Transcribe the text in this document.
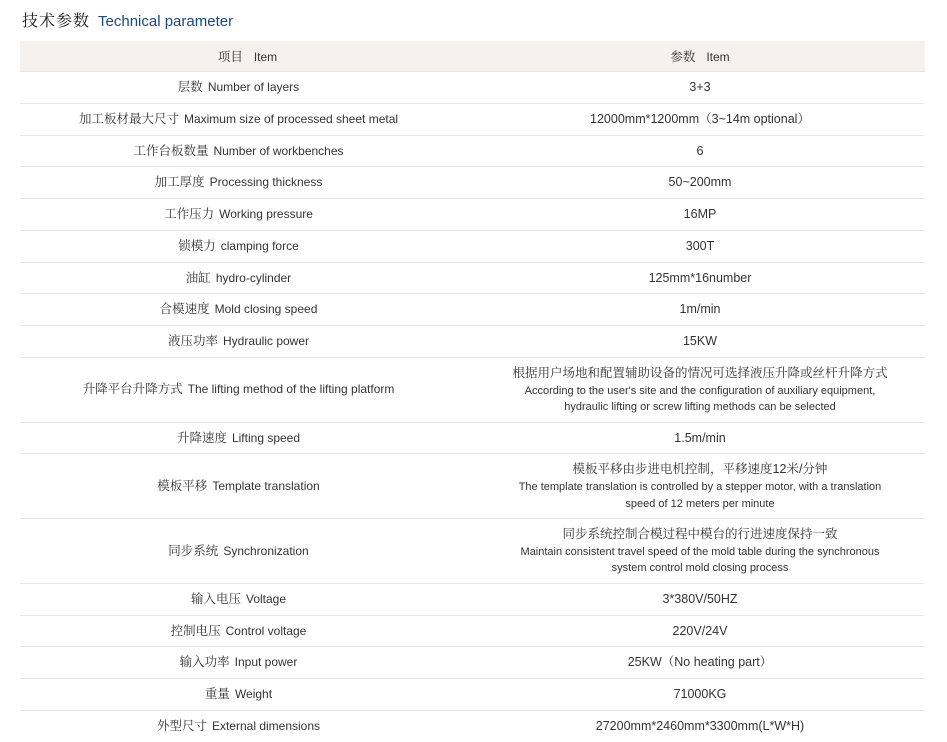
技术参数 Technical parameter
项目 Item	参数 Item
层数 Number of layers	3+3

加工板材最大尺寸 Maximum size of processed sheet metal	12000mm*1200mm（3~14m optional）

工作台板数量 Number of workbenches	6

加工厚度 Processing thickness	50~200mm

工作压力 Working pressure	16MP

锁模力 clamping force	300T

油缸 hydro-cylinder	125mm*16number

合模速度 Mold closing speed	1m/min

液压功率 Hydraulic power	15KW

升降平台升降方式 The lifting method of the lifting platform	根据用户场地和配置辅助设备的情况可选择液压升降或丝杆升降方式
According to the user's site and the configuration of auxiliary equipment,
hydraulic lifting or screw lifting methods can be selected

升降速度 Lifting speed	1.5m/min

模板平移 Template translation	模板平移由步进电机控制，平移速度12米/分钟
The template translation is controlled by a stepper motor, with a translation
speed of 12 meters per minute

同步系统 Synchronization	同步系统控制合模过程中模台的行进速度保持一致
Maintain consistent travel speed of the mold table during the synchronous
system control mold closing process

输入电压 Voltage	3*380V/50HZ

控制电压 Control voltage	220V/24V

输入功率 Input power	25KW（No heating part）

重量 Weight	71000KG

外型尺寸 External dimensions	27200mm*2460mm*3300mm(L*W*H)
